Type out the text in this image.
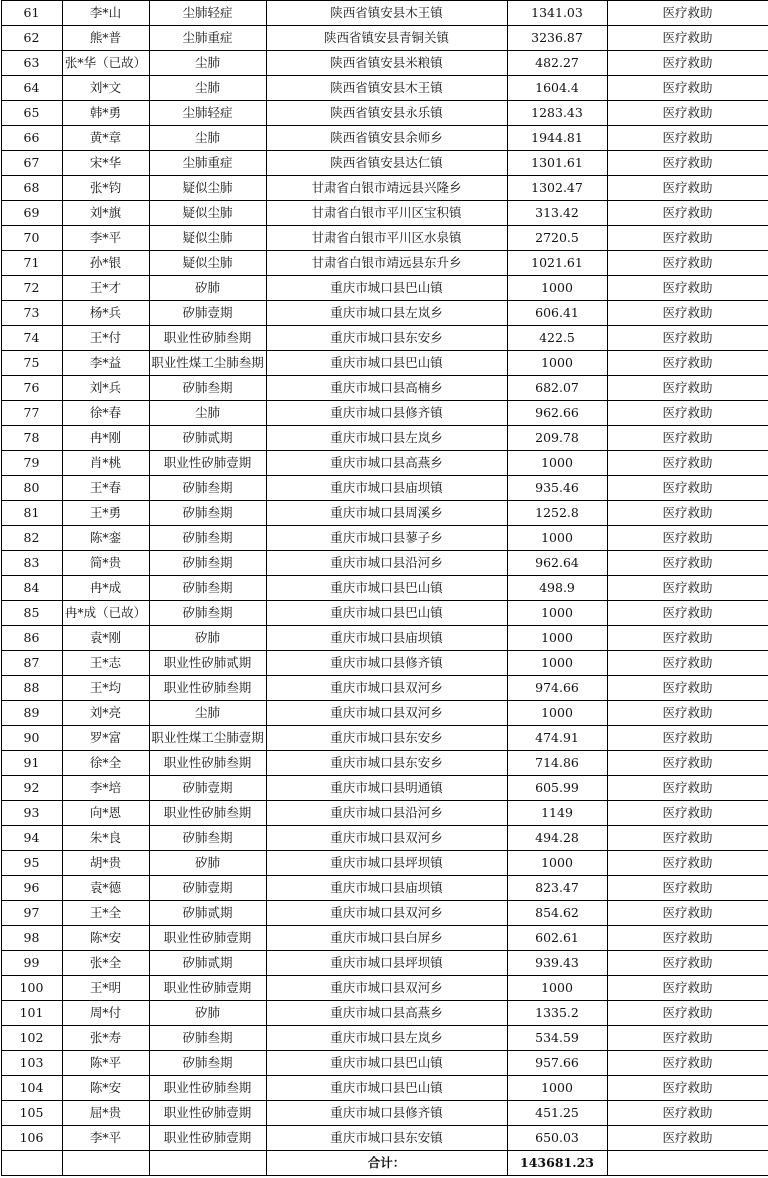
61	李*山	尘肺轻症	陕西省镇安县木王镇	1341.03	医疗救助
62	熊*普	尘肺重症	陕西省镇安县青铜关镇	3236.87	医疗救助
63	张*华（已故）	尘肺	陕西省镇安县米粮镇	482.27	医疗救助
64	刘*文	尘肺	陕西省镇安县木王镇	1604.4	医疗救助
65	韩*勇	尘肺轻症	陕西省镇安县永乐镇	1283.43	医疗救助
66	黄*章	尘肺	陕西省镇安县余师乡	1944.81	医疗救助
67	宋*华	尘肺重症	陕西省镇安县达仁镇	1301.61	医疗救助
68	张*钧	疑似尘肺	甘肃省白银市靖远县兴隆乡	1302.47	医疗救助
69	刘*旗	疑似尘肺	甘肃省白银市平川区宝积镇	313.42	医疗救助
70	李*平	疑似尘肺	甘肃省白银市平川区水泉镇	2720.5	医疗救助
71	孙*银	疑似尘肺	甘肃省白银市靖远县东升乡	1021.61	医疗救助
72	王*才	矽肺	重庆市城口县巴山镇	1000	医疗救助
73	杨*兵	矽肺壹期	重庆市城口县左岚乡	606.41	医疗救助
74	王*付	职业性矽肺叁期	重庆市城口县东安乡	422.5	医疗救助
75	李*益	职业性煤工尘肺叁期	重庆市城口县巴山镇	1000	医疗救助
76	刘*兵	矽肺叁期	重庆市城口县高楠乡	682.07	医疗救助
77	徐*春	尘肺	重庆市城口县修齐镇	962.66	医疗救助
78	冉*刚	矽肺贰期	重庆市城口县左岚乡	209.78	医疗救助
79	肖*桃	职业性矽肺壹期	重庆市城口县高燕乡	1000	医疗救助
80	王*春	矽肺叁期	重庆市城口县庙坝镇	935.46	医疗救助
81	王*勇	矽肺叁期	重庆市城口县周溪乡	1252.8	医疗救助
82	陈*銮	矽肺叁期	重庆市城口县蓼子乡	1000	医疗救助
83	简*贵	矽肺叁期	重庆市城口县沿河乡	962.64	医疗救助
84	冉*成	矽肺叁期	重庆市城口县巴山镇	498.9	医疗救助
85	冉*成（已故）	矽肺叁期	重庆市城口县巴山镇	1000	医疗救助
86	袁*刚	矽肺	重庆市城口县庙坝镇	1000	医疗救助
87	王*志	职业性矽肺贰期	重庆市城口县修齐镇	1000	医疗救助
88	王*均	职业性矽肺叁期	重庆市城口县双河乡	974.66	医疗救助
89	刘*亮	尘肺	重庆市城口县双河乡	1000	医疗救助
90	罗*富	职业性煤工尘肺壹期	重庆市城口县东安乡	474.91	医疗救助
91	徐*全	职业性矽肺叁期	重庆市城口县东安乡	714.86	医疗救助
92	李*培	矽肺壹期	重庆市城口县明通镇	605.99	医疗救助
93	向*恩	职业性矽肺叁期	重庆市城口县沿河乡	1149	医疗救助
94	朱*良	矽肺叁期	重庆市城口县双河乡	494.28	医疗救助
95	胡*贵	矽肺	重庆市城口县坪坝镇	1000	医疗救助
96	袁*德	矽肺壹期	重庆市城口县庙坝镇	823.47	医疗救助
97	王*全	矽肺贰期	重庆市城口县双河乡	854.62	医疗救助
98	陈*安	职业性矽肺壹期	重庆市城口县白屏乡	602.61	医疗救助
99	张*全	矽肺贰期	重庆市城口县坪坝镇	939.43	医疗救助
100	王*明	职业性矽肺壹期	重庆市城口县双河乡	1000	医疗救助
101	周*付	矽肺	重庆市城口县高燕乡	1335.2	医疗救助
102	张*寿	矽肺叁期	重庆市城口县左岚乡	534.59	医疗救助
103	陈*平	矽肺叁期	重庆市城口县巴山镇	957.66	医疗救助
104	陈*安	职业性矽肺叁期	重庆市城口县巴山镇	1000	医疗救助
105	屈*贵	职业性矽肺壹期	重庆市城口县修齐镇	451.25	医疗救助
106	李*平	职业性矽肺壹期	重庆市城口县东安镇	650.03	医疗救助
			合计：	143681.23	
